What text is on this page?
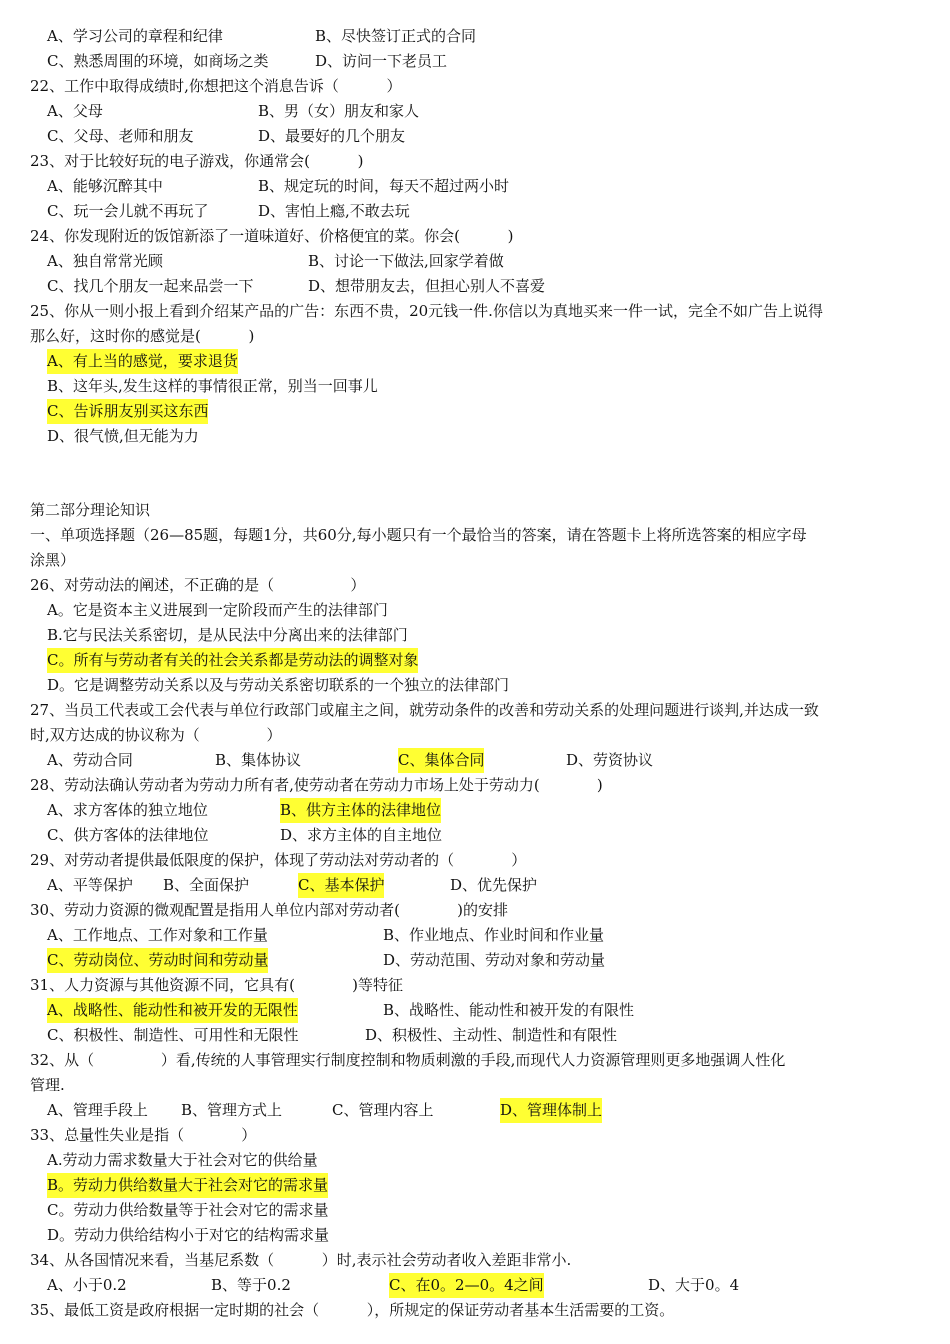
A、学习公司的章程和纪律	B、尽快签订正式的合同
C、熟悉周围的环境，如商场之类	D、访问一下老员工
22、工作中取得成绩时,你想把这个消息告诉（          ）
A、父母	B、男（女）朋友和家人
C、父母、老师和朋友	D、最要好的几个朋友
23、对于比较好玩的电子游戏，你通常会(          )
A、能够沉醉其中	B、规定玩的时间，每天不超过两小时
C、玩一会儿就不再玩了	D、害怕上瘾,不敢去玩
24、你发现附近的饭馆新添了一道味道好、价格便宜的菜。你会(          )
A、独自常常光顾	B、讨论一下做法,回家学着做
C、找几个朋友一起来品尝一下	D、想带朋友去，但担心别人不喜爱
25、你从一则小报上看到介绍某产品的广告：东西不贵，20元钱一件.你信以为真地买来一件一试，完全不如广告上说得
那么好，这时你的感觉是(          )
A、有上当的感觉，要求退货
B、这年头,发生这样的事情很正常，别当一回事儿
C、告诉朋友别买这东西
D、很气愤,但无能为力
第二部分理论知识
一、单项选择题（26—85题，每题1分，共60分,每小题只有一个最恰当的答案，请在答题卡上将所选答案的相应字母
涂黑）
26、对劳动法的阐述，不正确的是（                ）
A。它是资本主义进展到一定阶段而产生的法律部门
B.它与民法关系密切，是从民法中分离出来的法律部门
C。所有与劳动者有关的社会关系都是劳动法的调整对象
D。它是调整劳动关系以及与劳动关系密切联系的一个独立的法律部门
27、当员工代表或工会代表与单位行政部门或雇主之间，就劳动条件的改善和劳动关系的处理问题进行谈判,并达成一致
时,双方达成的协议称为（              ）
A、劳动合同	B、集体协议	C、集体合同	D、劳资协议
28、劳动法确认劳动者为劳动力所有者,使劳动者在劳动力市场上处于劳动力(            )
A、求方客体的独立地位	B、供方主体的法律地位
C、供方客体的法律地位	D、求方主体的自主地位
29、对劳动者提供最低限度的保护，体现了劳动法对劳动者的（            ）
A、平等保护 B、全面保护	C、基本保护	D、优先保护
30、劳动力资源的微观配置是指用人单位内部对劳动者(            )的安排
A、工作地点、工作对象和工作量	B、作业地点、作业时间和作业量
C、劳动岗位、劳动时间和劳动量	D、劳动范围、劳动对象和劳动量
31、人力资源与其他资源不同，它具有(            )等特征
A、战略性、能动性和被开发的无限性	B、战略性、能动性和被开发的有限性
C、积极性、制造性、可用性和无限性	D、积极性、主动性、制造性和有限性
32、从（              ）看,传统的人事管理实行制度控制和物质刺激的手段,而现代人力资源管理则更多地强调人性化
管理.
A、管理手段上 B、管理方式上	C、管理内容上	D、管理体制上
33、总量性失业是指（            ）
A.劳动力需求数量大于社会对它的供给量
B。劳动力供给数量大于社会对它的需求量
C。劳动力供给数量等于社会对它的需求量
D。劳动力供给结构小于对它的结构需求量
34、从各国情况来看，当基尼系数（          ）时,表示社会劳动者收入差距非常小.
A、小于0.2	B、等于0.2	C、在0。2—0。4之间	D、大于0。4
35、最低工资是政府根据一定时期的社会（          ），所规定的保证劳动者基本生活需要的工资。
